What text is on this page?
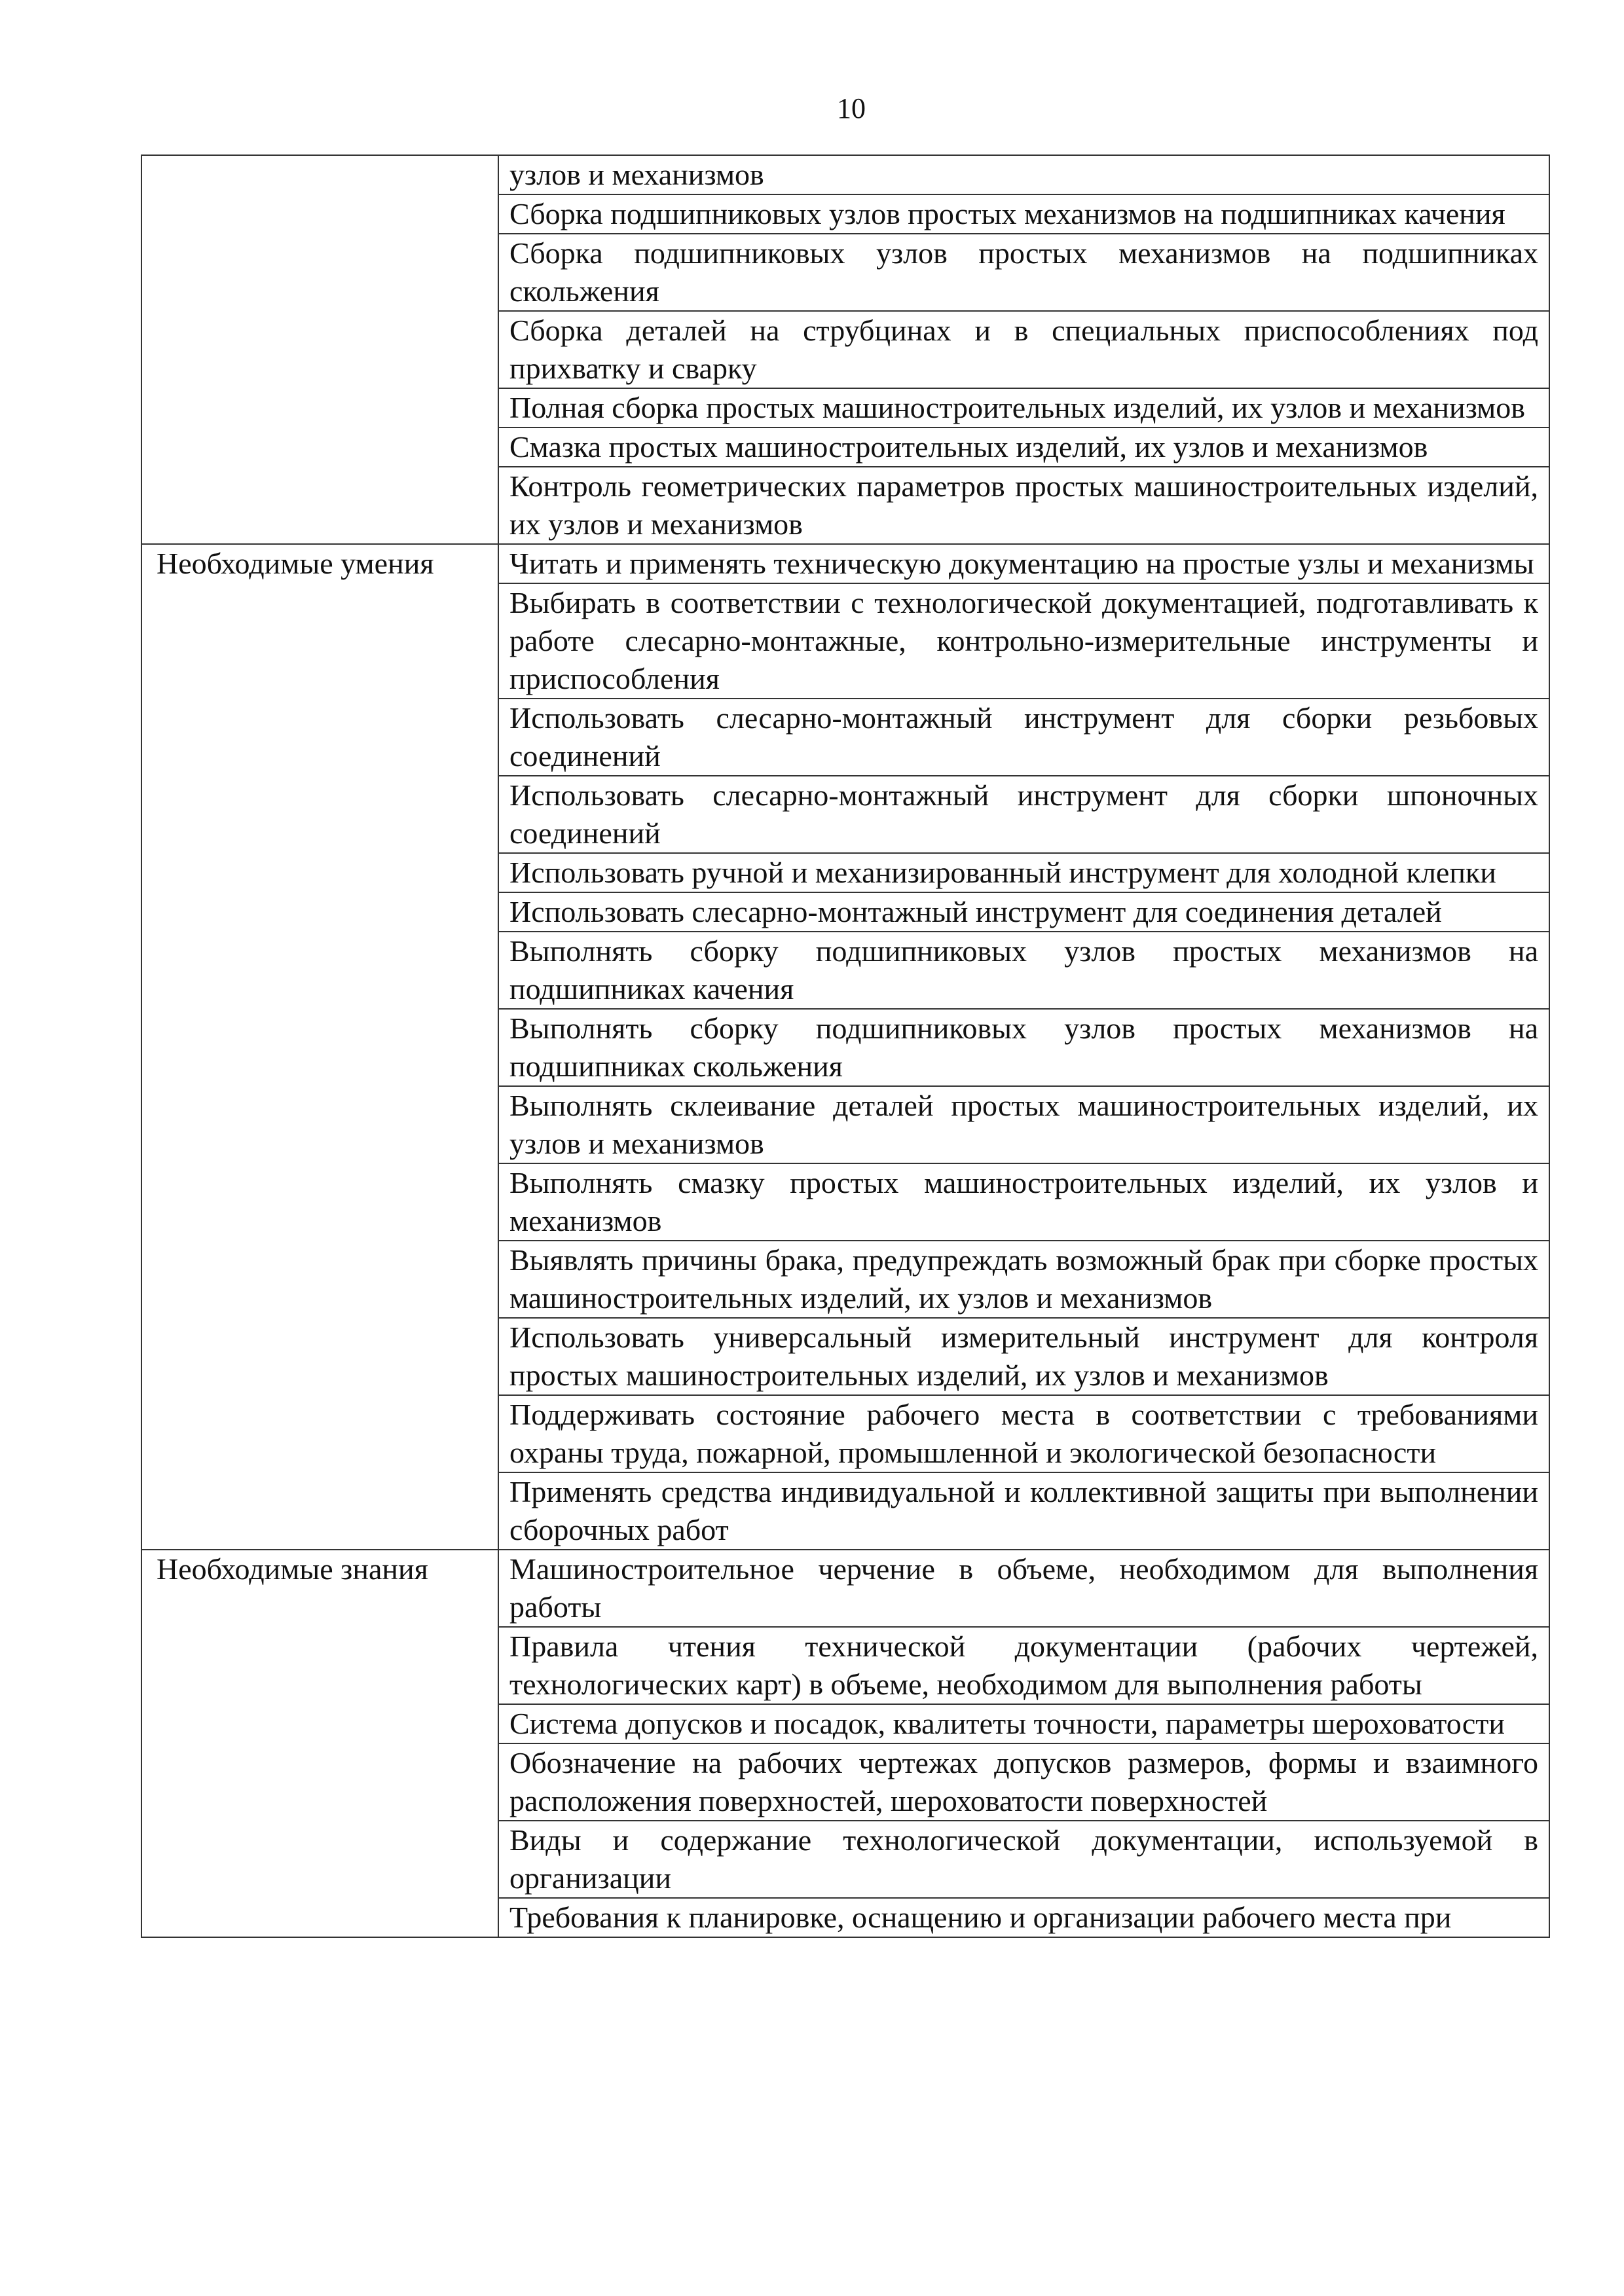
10
	узлов и механизмов
	Сборка подшипниковых узлов простых механизмов на подшипниках качения
	Сборка подшипниковых узлов простых механизмов на подшипниках скольжения
	Сборка деталей на струбцинах и в специальных приспособлениях под прихватку и сварку
	Полная сборка простых машиностроительных изделий, их узлов и механизмов
	Смазка простых машиностроительных изделий, их узлов и механизмов
	Контроль геометрических параметров простых машиностроительных изделий, их узлов и механизмов
Необходимые умения	Читать и применять техническую документацию на простые узлы и механизмы
	Выбирать в соответствии с технологической документацией, подготавливать к работе слесарно-монтажные, контрольно-измерительные инструменты и приспособления
	Использовать слесарно-монтажный инструмент для сборки резьбовых соединений
	Использовать слесарно-монтажный инструмент для сборки шпоночных соединений
	Использовать ручной и механизированный инструмент для холодной клепки
	Использовать слесарно-монтажный инструмент для соединения деталей
	Выполнять сборку подшипниковых узлов простых механизмов на подшипниках качения
	Выполнять сборку подшипниковых узлов простых механизмов на подшипниках скольжения
	Выполнять склеивание деталей простых машиностроительных изделий, их узлов и механизмов
	Выполнять смазку простых машиностроительных изделий, их узлов и механизмов
	Выявлять причины брака, предупреждать возможный брак при сборке простых машиностроительных изделий, их узлов и механизмов
	Использовать универсальный измерительный инструмент для контроля простых машиностроительных изделий, их узлов и механизмов
	Поддерживать состояние рабочего места в соответствии с требованиями охраны труда, пожарной, промышленной и экологической безопасности
	Применять средства индивидуальной и коллективной защиты при выполнении сборочных работ
Необходимые знания	Машиностроительное черчение в объеме, необходимом для выполнения работы
	Правила чтения технической документации (рабочих чертежей, технологических карт) в объеме, необходимом для выполнения работы
	Система допусков и посадок, квалитеты точности, параметры шероховатости
	Обозначение на рабочих чертежах допусков размеров, формы и взаимного расположения поверхностей, шероховатости поверхностей
	Виды и содержание технологической документации, используемой в организации
	Требования к планировке, оснащению и организации рабочего места при
